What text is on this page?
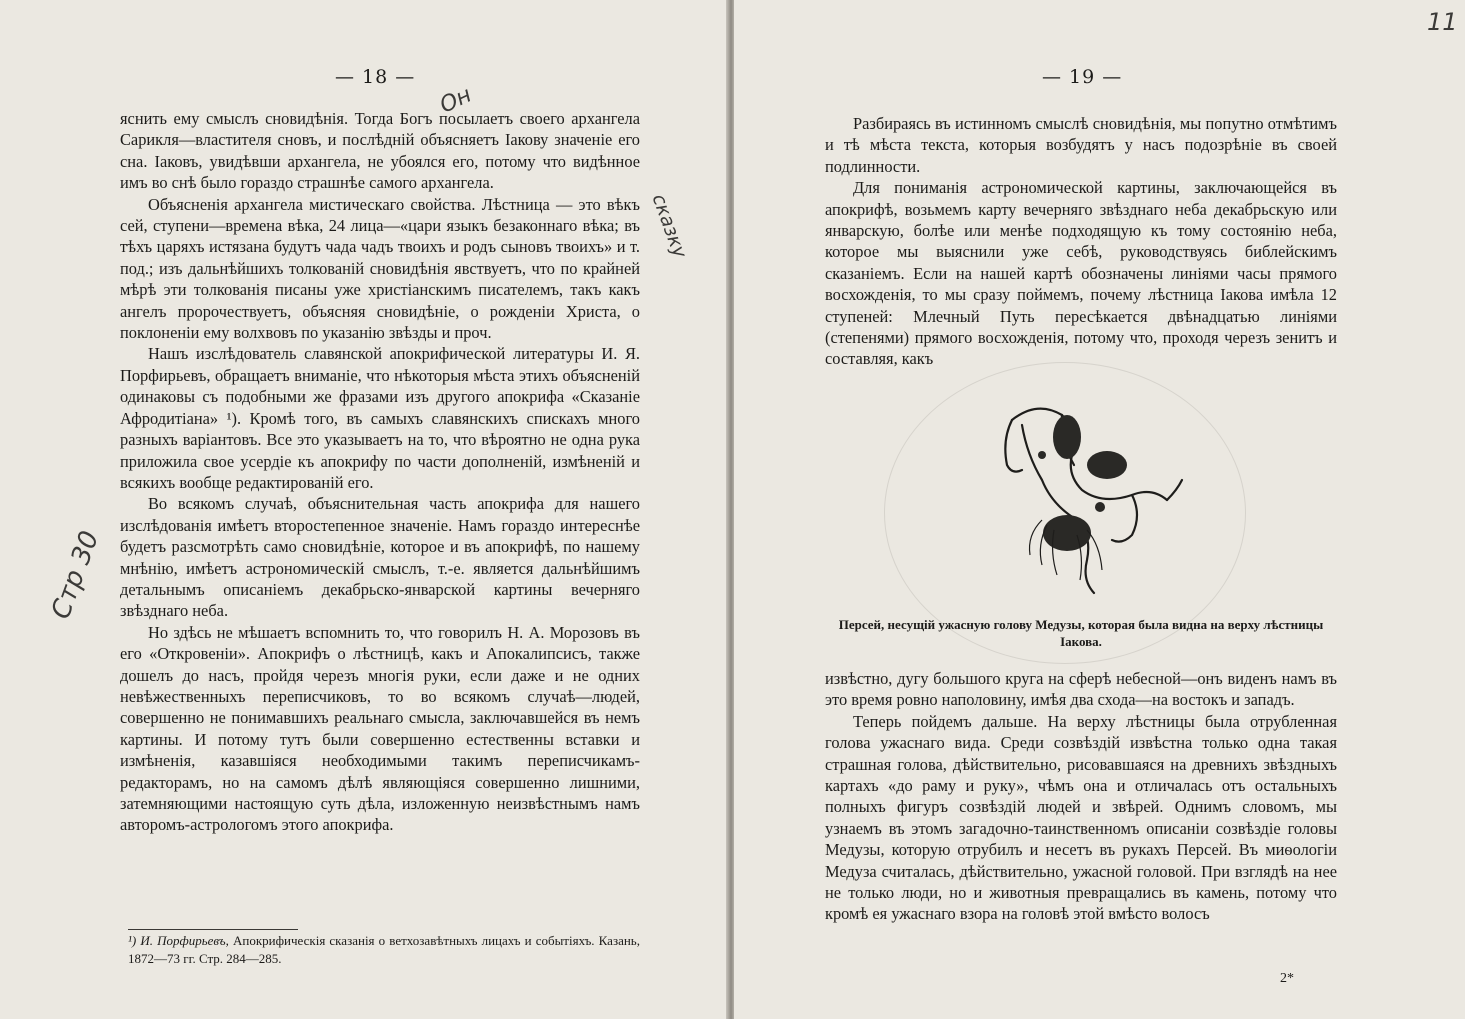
— 18 —

яснить ему смыслъ сновидѣнія. Тогда Богъ посылаетъ своего архангела Сарикля—властителя сновъ, и послѣдній объясняетъ Іакову значеніе его сна. Іаковъ, увидѣвши архангела, не убоялся его, потому что видѣнное имъ во снѣ было гораздо страшнѣе самого архангела.

Объясненія архангела мистическаго свойства. Лѣстница — это вѣкъ сей, ступени—времена вѣка, 24 лица—«цари языкъ безаконнаго вѣка; въ тѣхъ царяхъ истязана будутъ чада чадъ твоихъ и родъ сыновъ твоихъ» и т. под.; изъ дальнѣйшихъ толкованій сновидѣнія явствуетъ, что по крайней мѣрѣ эти толкованія писаны уже христіанскимъ писателемъ, такъ какъ ангелъ пророчествуетъ, объясняя сновидѣніе, о рожденіи Христа, о поклоненіи ему волхвовъ по указанію звѣзды и проч.

Нашъ изслѣдователь славянской апокрифической литературы И. Я. Порфирьевъ, обращаетъ вниманіе, что нѣкоторыя мѣста этихъ объясненій одинаковы съ подобными же фразами изъ другого апокрифа «Сказаніе Афродитіана» ¹). Кромѣ того, въ самыхъ славянскихъ спискахъ много разныхъ варіантовъ. Все это указываетъ на то, что вѣроятно не одна рука приложила свое усердіе къ апокрифу по части дополненій, измѣненій и всякихъ вообще редактированій его.

Во всякомъ случаѣ, объяснительная часть апокрифа для нашего изслѣдованія имѣетъ второстепенное значеніе. Намъ гораздо интереснѣе будетъ разсмотрѣть само сновидѣніе, которое и въ апокрифѣ, по нашему мнѣнію, имѣетъ астрономическій смыслъ, т.-е. является дальнѣйшимъ детальнымъ описаніемъ декабрьско-январской картины вечерняго звѣзднаго неба.

Но здѣсь не мѣшаетъ вспомнить то, что говорилъ Н. А. Морозовъ въ его «Откровеніи». Апокрифъ о лѣстницѣ, какъ и Апокалипсисъ, также дошелъ до насъ, пройдя черезъ многія руки, если даже и не одних невѣжественныхъ переписчиковъ, то во всякомъ случаѣ—людей, совершенно не понимавшихъ реальнаго смысла, заключавшейся въ немъ картины. И потому тутъ были совершенно естественны вставки и измѣненія, казавшіяся необходимыми такимъ переписчикамъ-редакторамъ, но на самомъ дѣлѣ являющіяся совершенно лишними, затемняющими настоящую суть дѣла, изложенную неизвѣстнымъ намъ авторомъ-астрологомъ этого апокрифа.

¹) И. Порфирьевъ, Апокрифическія сказанія о ветхозавѣтныхъ лицахъ и событіяхъ. Казань, 1872—73 гг. Стр. 284—285.
Стр 30
Он
сказку
11
— 19 —

Разбираясь въ истинномъ смыслѣ сновидѣнія, мы попутно отмѣтимъ и тѣ мѣста текста, которыя возбудятъ у насъ подозрѣніе въ своей подлинности.

Для пониманія астрономической картины, заключающейся въ апокрифѣ, возьмемъ карту вечерняго звѣзднаго неба декабрьскую или январскую, болѣе или менѣе подходящую къ тому состоянію неба, которое мы выяснили уже себѣ, руководствуясь библейскимъ сказаніемъ. Если на нашей картѣ обозначены линіями часы прямого восхожденія, то мы сразу поймемъ, почему лѣстница Іакова имѣла 12 ступеней: Млечный Путь пересѣкается двѣнадцатью линіями (степенями) прямого восхожденія, потому что, проходя черезъ зенитъ и составляя, какъ

Персей, несущій ужасную голову Медузы, которая была видна на верху лѣстницы Іакова.

извѣстно, дугу большого круга на сферѣ небесной—онъ виденъ намъ въ это время ровно наполовину, имѣя два схода—на востокъ и западъ.

Теперь пойдемъ дальше. На верху лѣстницы была отрубленная голова ужаснаго вида. Среди созвѣздій извѣстна только одна такая страшная голова, дѣйствительно, рисовавшаяся на древнихъ звѣздныхъ картахъ «до раму и руку», чѣмъ она и отличалась отъ остальныхъ полныхъ фигуръ созвѣздій людей и звѣрей. Однимъ словомъ, мы узнаемъ въ этомъ загадочно-таинственномъ описаніи созвѣздіе головы Медузы, которую отрубилъ и несетъ въ рукахъ Персей. Въ миѳологіи Медуза считалась, дѣйствительно, ужасной головой. При взглядѣ на нее не только люди, но и животныя превращались въ камень, потому что кромѣ ея ужаснаго взора на головѣ этой вмѣсто волосъ

2*
